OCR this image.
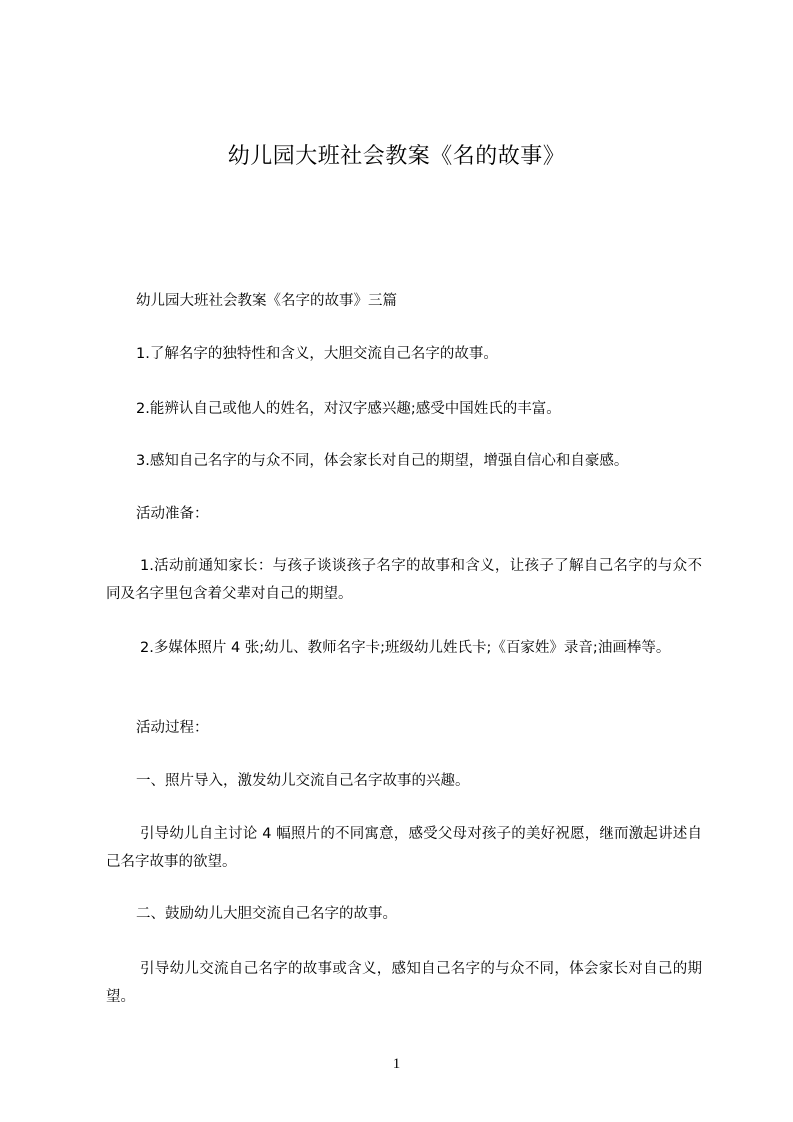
幼儿园大班社会教案《名的故事》

幼儿园大班社会教案《名字的故事》三篇

1.了解名字的独特性和含义，大胆交流自己名字的故事。

2.能辨认自己或他人的姓名，对汉字感兴趣;感受中国姓氏的丰富。

3.感知自己名字的与众不同，体会家长对自己的期望，增强自信心和自豪感。

活动准备：

1.活动前通知家长：与孩子谈谈孩子名字的故事和含义，让孩子了解自己名字的与众不同及名字里包含着父辈对自己的期望。

2.多媒体照片 4 张;幼儿、教师名字卡;班级幼儿姓氏卡;《百家姓》录音;油画棒等。

活动过程：

一、照片导入，激发幼儿交流自己名字故事的兴趣。

引导幼儿自主讨论 4 幅照片的不同寓意，感受父母对孩子的美好祝愿，继而激起讲述自己名字故事的欲望。

二、鼓励幼儿大胆交流自己名字的故事。

引导幼儿交流自己名字的故事或含义，感知自己名字的与众不同，体会家长对自己的期望。

1
